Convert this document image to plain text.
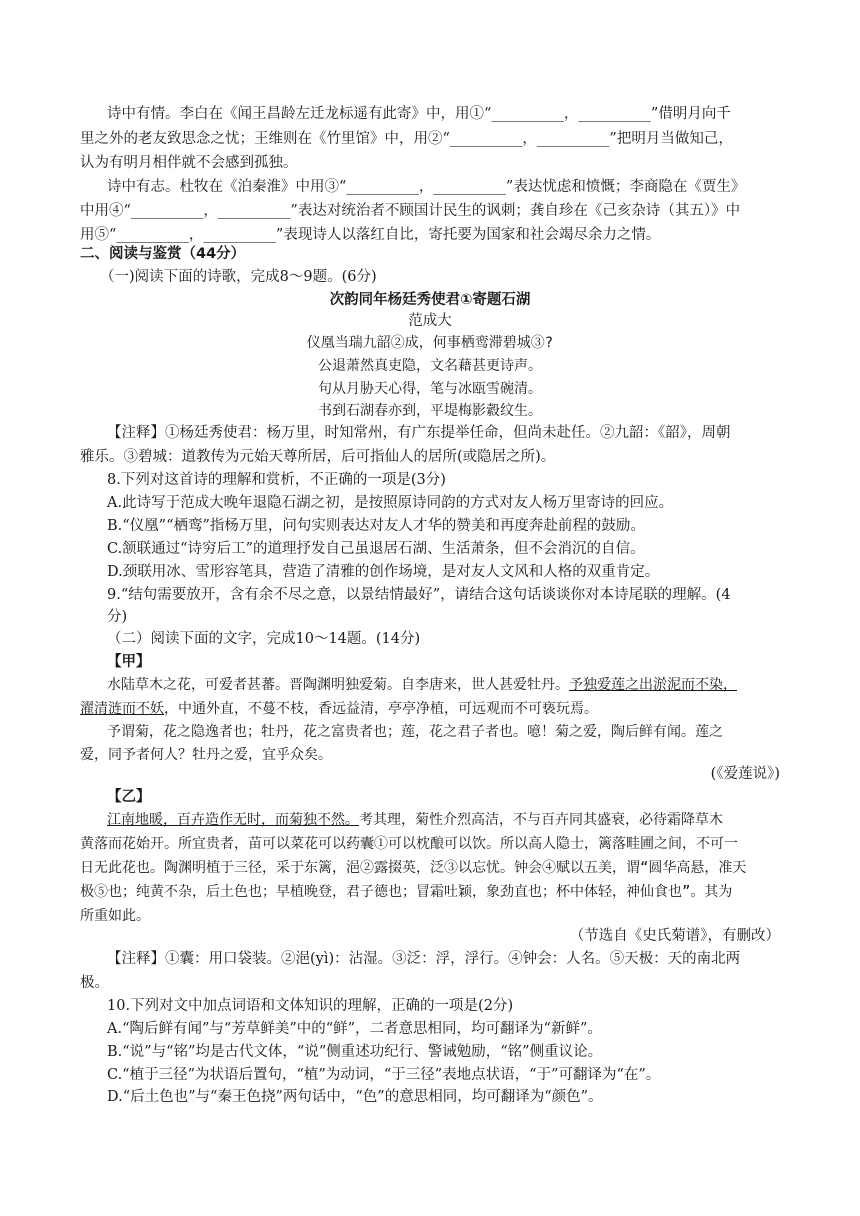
诗中有情。李白在《闻王昌龄左迁龙标遥有此寄》中，用①“__________，__________”借明月向千
里之外的老友致思念之忧；王维则在《竹里馆》中，用②“__________，__________”把明月当做知己，
认为有明月相伴就不会感到孤独。
诗中有志。杜牧在《泊秦淮》中用③“__________，__________”表达忧虑和愤慨；李商隐在《贾生》
中用④“__________，__________”表达对统治者不顾国计民生的讽刺；龚自珍在《己亥杂诗（其五）》中
用⑤“__________，__________”表现诗人以落红自比，寄托要为国家和社会竭尽余力之情。
二、阅读与鉴赏（44分）
（一)阅读下面的诗歌，完成8～9题。(6分)
次韵同年杨廷秀使君①寄题石湖
范成大
仪凰当瑞九韶②成，何事栖鸾滞碧城③?
公退萧然真吏隐，文名藉甚更诗声。
句从月胁天心得，笔与冰瓯雪碗清。
书到石湖春亦到，平堤梅影縠纹生。
【注释】①杨廷秀使君：杨万里，时知常州，有广东提举任命，但尚未赴任。②九韶：《韶》，周朝
雅乐。③碧城：道教传为元始天尊所居，后可指仙人的居所(或隐居之所)。
8.下列对这首诗的理解和赏析，不正确的一项是(3分)
A.此诗写于范成大晚年退隐石湖之初，是按照原诗同韵的方式对友人杨万里寄诗的回应。
B.“仪凰”“栖鸾”指杨万里，问句实则表达对友人才华的赞美和再度奔赴前程的鼓励。
C.颔联通过“诗穷后工”的道理抒发自己虽退居石湖、生活萧条，但不会消沉的自信。
D.颈联用冰、雪形容笔具，营造了清雅的创作场境，是对友人文风和人格的双重肯定。
9.“结句需要放开，含有余不尽之意，以景结情最好”，请结合这句话谈谈你对本诗尾联的理解。(4
分)
（二）阅读下面的文字，完成10～14题。(14分)
【甲】
水陆草木之花，可爱者甚蕃。晋陶渊明独爱菊。自李唐来，世人甚爱牡丹。予独爱莲之出淤泥而不染，
濯清涟而不妖，中通外直，不蔓不枝，香远益清，亭亭净植，可远观而不可亵玩焉。
予谓菊，花之隐逸者也；牡丹，花之富贵者也；莲，花之君子者也。噫！菊之爱，陶后鲜有闻。莲之
爱，同予者何人？牡丹之爱，宜乎众矣。
(《爱莲说》)
【乙】
江南地暖，百卉造作无时，而菊独不然。考其理，菊性介烈高洁，不与百卉同其盛衰，必待霜降草木
黄落而花始开。所宜贵者，苗可以菜花可以药囊①可以枕酿可以饮。所以高人隐士，篱落畦圃之间，不可一
日无此花也。陶渊明植于三径，采于东篱，浥②露掇英，泛③以忘忧。钟会④赋以五美，谓“圆华高悬，准天
极⑤也；纯黄不杂，后土色也；早植晚登，君子德也；冒霜吐颖，象劲直也；杯中体轻，神仙食也”。其为
所重如此。
（节选自《史氏菊谱》，有删改）
【注释】①囊：用口袋装。②浥(yì)：沾湿。③泛：浮，浮行。④钟会：人名。⑤天极：天的南北两
极。
10.下列对文中加点词语和文体知识的理解，正确的一项是(2分)
A.“陶后鲜有闻”与“芳草鲜美”中的“鲜”，二者意思相同，均可翻译为“新鲜”。
B.“说”与“铭”均是古代文体，“说”侧重述功纪行、警诫勉励，“铭”侧重议论。
C.“植于三径”为状语后置句，“植”为动词，“于三径”表地点状语，“于”可翻译为“在”。
D.“后土色也”与“秦王色挠”两句话中，“色”的意思相同，均可翻译为“颜色”。
